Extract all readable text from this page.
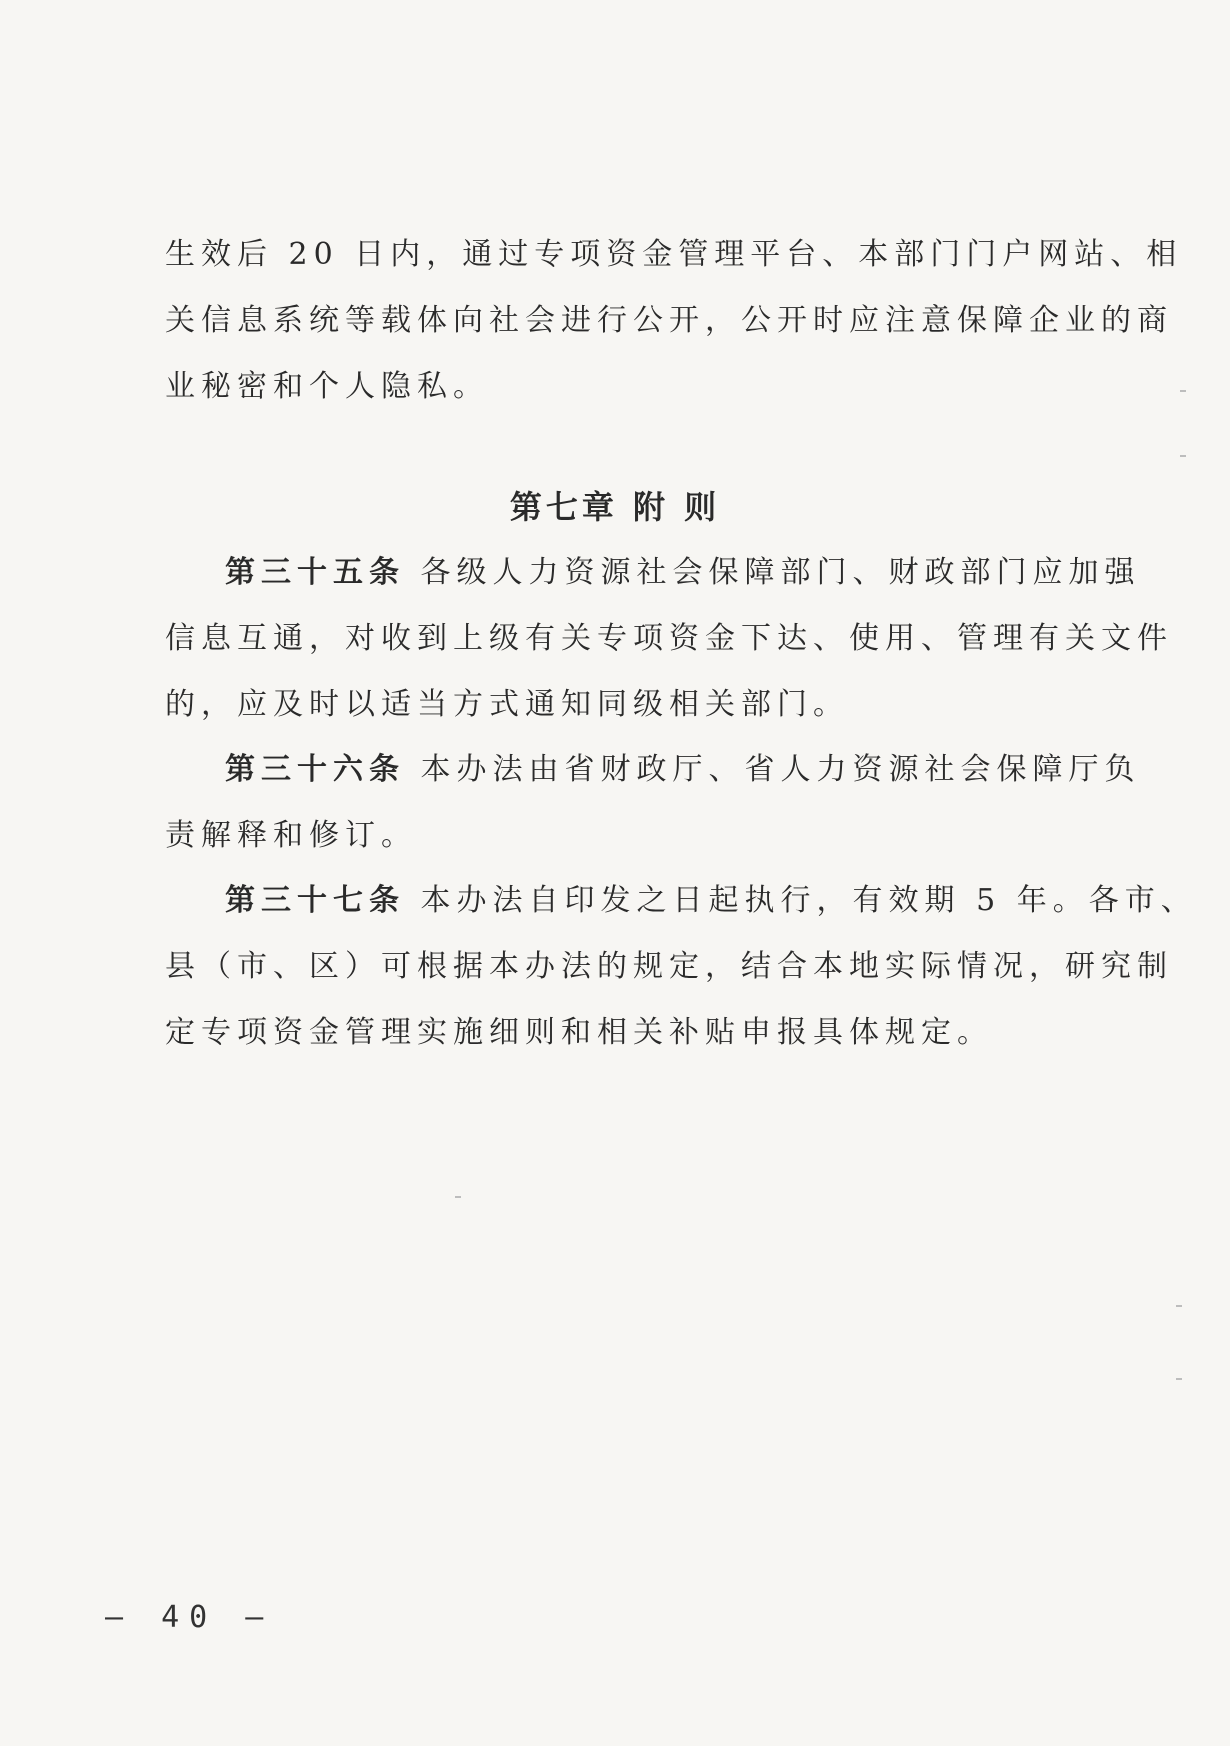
生效后 20 日内，通过专项资金管理平台、本部门门户网站、相
关信息系统等载体向社会进行公开，公开时应注意保障企业的商
业秘密和个人隐私。
第七章 附 则
第三十五条 各级人力资源社会保障部门、财政部门应加强
信息互通，对收到上级有关专项资金下达、使用、管理有关文件
的，应及时以适当方式通知同级相关部门。
第三十六条 本办法由省财政厅、省人力资源社会保障厅负
责解释和修订。
第三十七条 本办法自印发之日起执行，有效期 5 年。各市、
县（市、区）可根据本办法的规定，结合本地实际情况，研究制
定专项资金管理实施细则和相关补贴申报具体规定。
— 40 —
